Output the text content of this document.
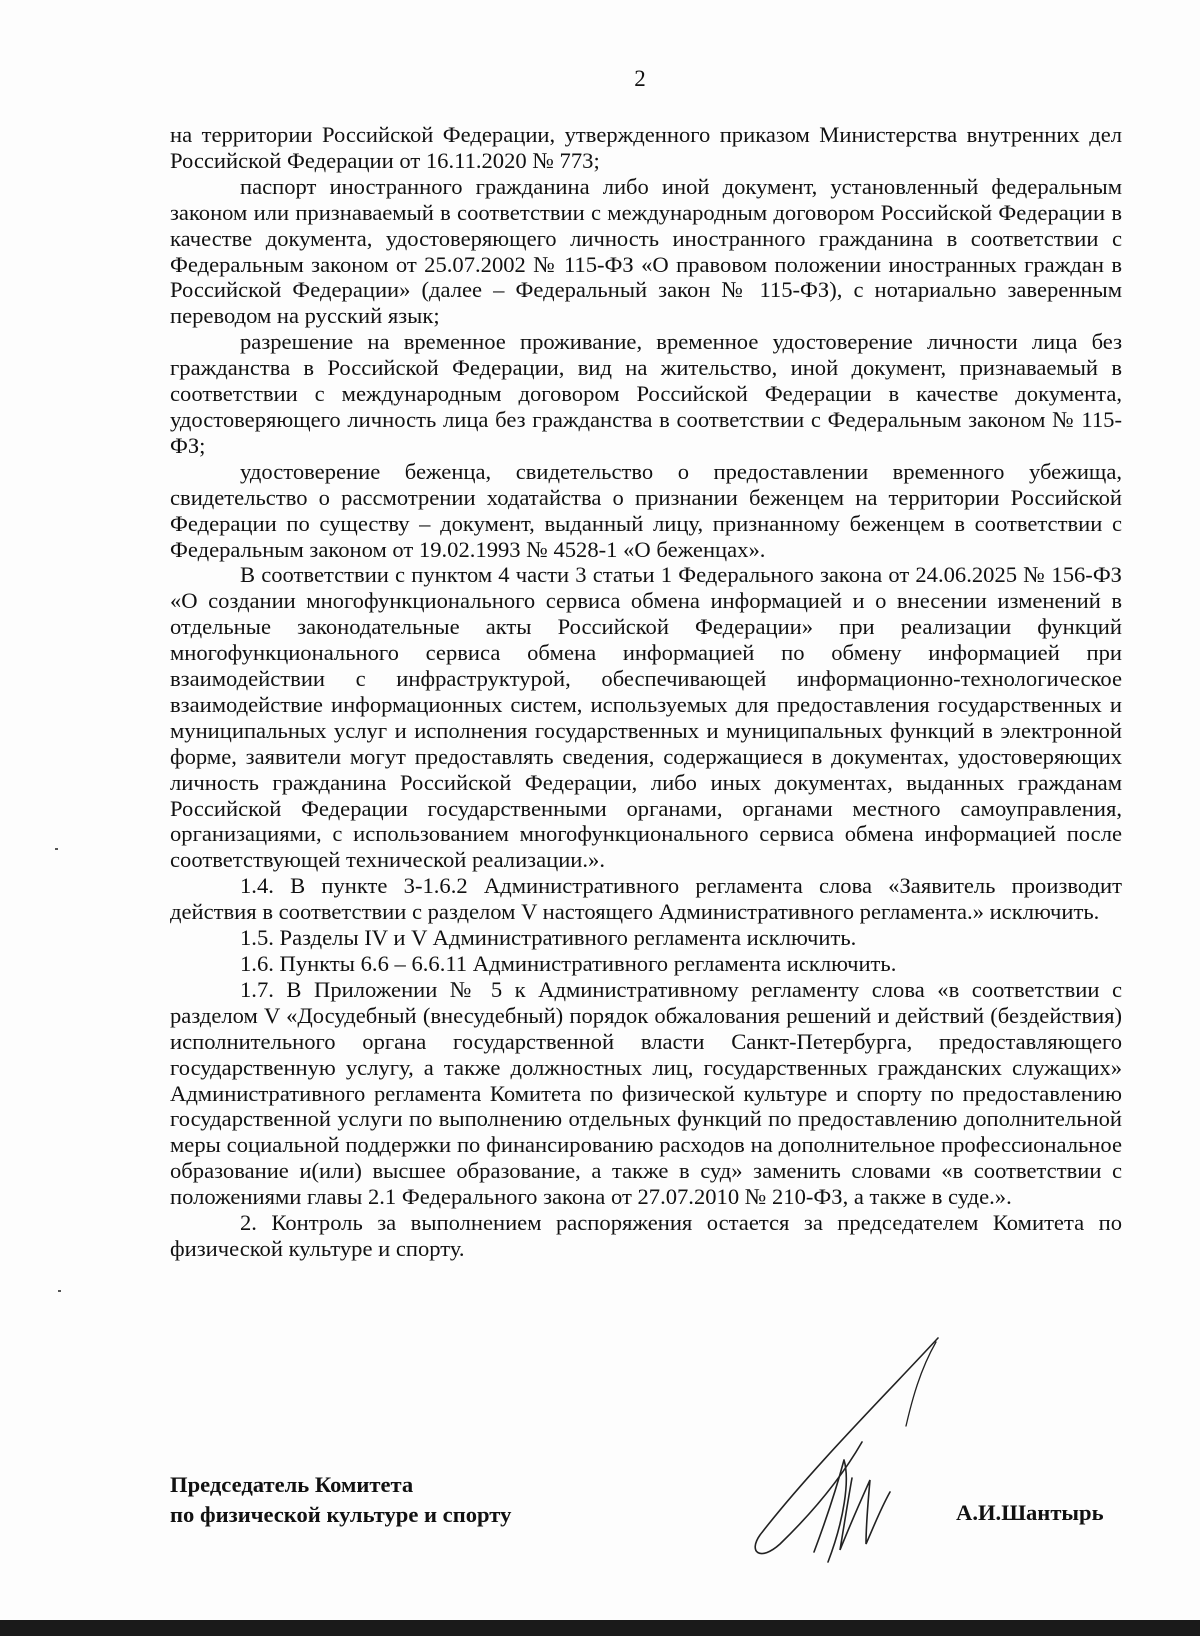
2

на территории Российской Федерации, утвержденного приказом Министерства внутренних дел Российской Федерации от 16.11.2020 № 773;

паспорт иностранного гражданина либо иной документ, установленный федеральным законом или признаваемый в соответствии с международным договором Российской Федерации в качестве документа, удостоверяющего личность иностранного гражданина в соответствии с Федеральным законом от 25.07.2002 № 115-ФЗ «О правовом положении иностранных граждан в Российской Федерации» (далее – Федеральный закон № 115-ФЗ), с нотариально заверенным переводом на русский язык;

разрешение на временное проживание, временное удостоверение личности лица без гражданства в Российской Федерации, вид на жительство, иной документ, признаваемый в соответствии с международным договором Российской Федерации в качестве документа, удостоверяющего личность лица без гражданства в соответствии с Федеральным законом № 115-ФЗ;

удостоверение беженца, свидетельство о предоставлении временного убежища, свидетельство о рассмотрении ходатайства о признании беженцем на территории Российской Федерации по существу – документ, выданный лицу, признанному беженцем в соответствии с Федеральным законом от 19.02.1993 № 4528-1 «О беженцах».

В соответствии с пунктом 4 части 3 статьи 1 Федерального закона от 24.06.2025 № 156-ФЗ «О создании многофункционального сервиса обмена информацией и о внесении изменений в отдельные законодательные акты Российской Федерации» при реализации функций многофункционального сервиса обмена информацией по обмену информацией при взаимодействии с инфраструктурой, обеспечивающей информационно-технологическое взаимодействие информационных систем, используемых для предоставления государственных и муниципальных услуг и исполнения государственных и муниципальных функций в электронной форме, заявители могут предоставлять сведения, содержащиеся в документах, удостоверяющих личность гражданина Российской Федерации, либо иных документах, выданных гражданам Российской Федерации государственными органами, органами местного самоуправления, организациями, с использованием многофункционального сервиса обмена информацией после соответствующей технической реализации.».

1.4. В пункте 3-1.6.2 Административного регламента слова «Заявитель производит действия в соответствии с разделом V настоящего Административного регламента.» исключить.

1.5. Разделы IV и V Административного регламента исключить.

1.6. Пункты 6.6 – 6.6.11 Административного регламента исключить.

1.7. В Приложении № 5 к Административному регламенту слова «в соответствии с разделом V «Досудебный (внесудебный) порядок обжалования решений и действий (бездействия) исполнительного органа государственной власти Санкт-Петербурга, предоставляющего государственную услугу, а также должностных лиц, государственных гражданских служащих» Административного регламента Комитета по физической культуре и спорту по предоставлению государственной услуги по выполнению отдельных функций по предоставлению дополнительной меры социальной поддержки по финансированию расходов на дополнительное профессиональное образование и(или) высшее образование, а также в суд» заменить словами «в соответствии с положениями главы 2.1 Федерального закона от 27.07.2010 № 210-ФЗ, а также в суде.».

2. Контроль за выполнением распоряжения остается за председателем Комитета по физической культуре и спорту.

Председатель Комитета
по физической культуре и спорту	А.И.Шантырь
